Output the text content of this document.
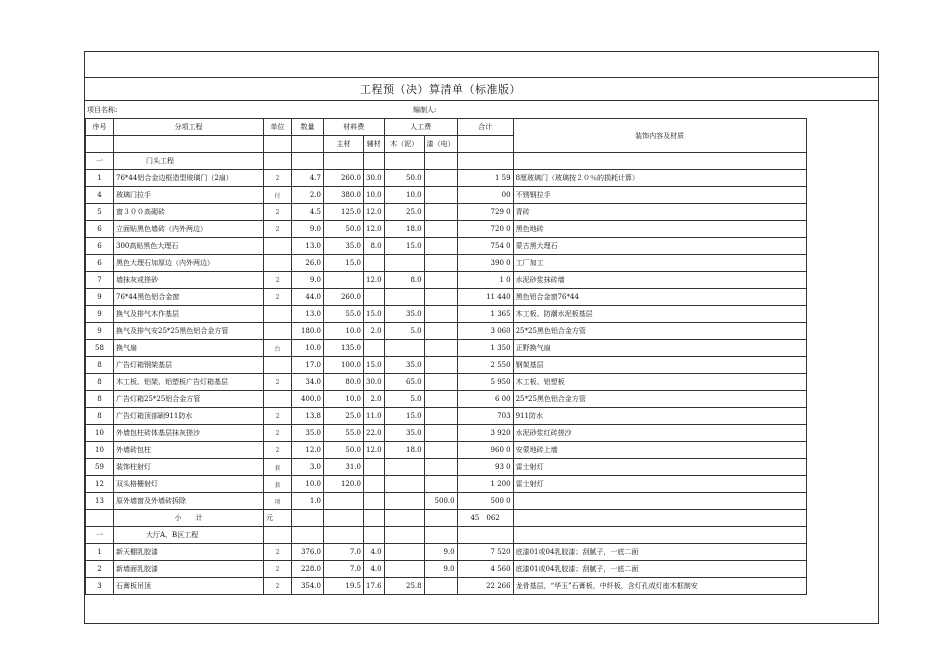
工程预（决）算清单（标准版）
项目名称:	编制人:
序号	分项工程	单位	数量	材料费		人工费		合计	装饰内容及材质
				主材	辅材	木（泥）	漆（电）		
一	门头工程								
1	76*44铝合金边框造型玻璃门（2扇）	2	4.7	260.0	30.0	50.0		1 59	8厘玻璃门（玻璃按２０％的损耗计算）
4	玻璃门拉手	付	2.0	380.0	10.0	10.0		00	不锈钢拉手
5	窗３００高砌砖	2	4.5	125.0	12.0	25.0		729 0	青砖
6	立面贴黑色墙砖（内外两边）	2	9.0	50.0	12.0	18.0		720 0	黑色地砖
6	300高贴黑色大理石		13.0	35.0	8.0	15.0		754 0	蒙古黑大理石
6	黑色大理石加厚边（内外两边）		26.0	15.0				390 0	工厂加工
7	墙抹灰或搓砂	2	9.0		12.0	8.0		1 0	水泥砂浆抹砖墙
9	76*44黑色铝合金窗	2	44.0	260.0				11 440	黑色铝合金窗76*44
9	换气及排气木作基层		13.0	55.0	15.0	35.0		1 365	木工板、防潮水泥板基层
9	换气及排气安25*25黑色铝合金方管		180.0	10.0	2.0	5.0		3 060	25*25黑色铝合金方管
58	换气扇	台	10.0	135.0				1 350	正野换气扇
8	广告灯箱钢架基层		17.0	100.0	15.0	35.0		2 550	钢架基层
8	木工板、铝架、铝塑板广告灯箱基层	2	34.0	80.0	30.0	65.0		5 950	木工板、铝塑板
8	广告灯箱25*25铝合金方管		400.0	10.0	2.0	5.0		6 00	25*25黑色铝合金方管
8	广告灯箱顶部刷911防水	2	13.8	25.0	11.0	15.0		703	911防水
10	外墙包柱砖体基层抹灰搓沙	2	35.0	55.0	22.0	35.0		3 920	水泥砂浆红砖搓沙
10	外墙砖包柱	2	12.0	50.0	12.0	18.0		960 0	安蒙地砖上墙
59	装饰柱射灯	套	3.0	31.0				93 0	雷士射灯
12	双头格栅射灯	套	10.0	120.0				1 200	雷士射灯
13	原外墙窗及外墙砖拆除	项	1.0				500.0	500 0	
	小　　计	元						45　062	
一	大厅A、B区工程								
1	新天棚乳胶漆	2	376.0	7.0	4.0		9.0	7 520	底漆01或04乳胶漆；刮腻子，一底二面
2	新墙面乳胶漆	2	228.0	7.0	4.0		9.0	4 560	底漆01或04乳胶漆；刮腻子，一底二面
3	石膏板吊顶	2	354.0	19.5	17.6	25.8		22 266	龙骨基层，“华玉”石膏板，中纤板，含灯孔或灯座木框制安
